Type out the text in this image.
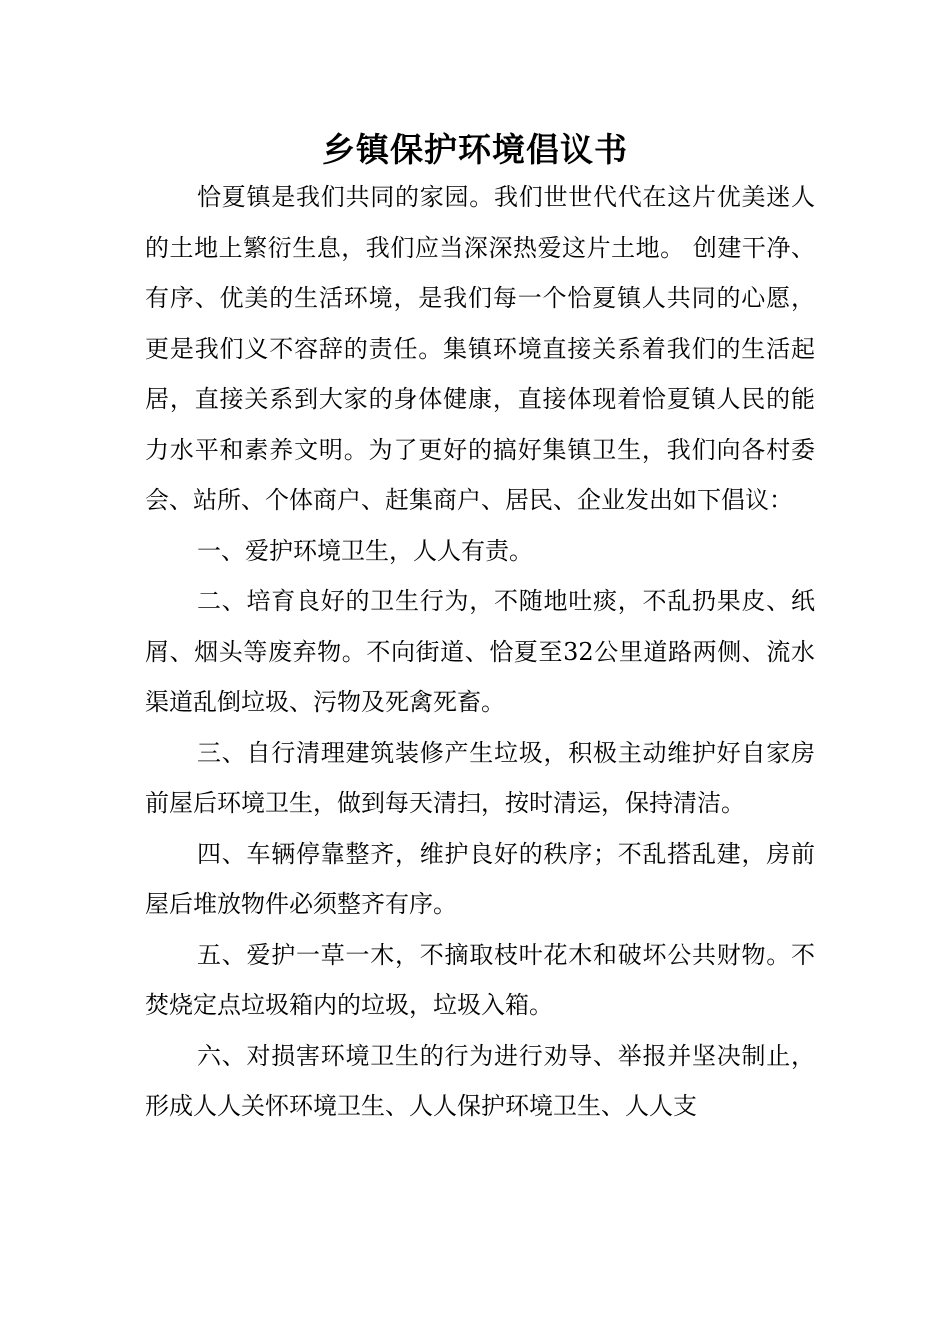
乡镇保护环境倡议书

恰夏镇是我们共同的家园。我们世世代代在这片优美迷人的土地上繁衍生息，我们应当深深热爱这片土地。 创建干净、有序、优美的生活环境，是我们每一个恰夏镇人共同的心愿，更是我们义不容辞的责任。集镇环境直接关系着我们的生活起居，直接关系到大家的身体健康，直接体现着恰夏镇人民的能力水平和素养文明。为了更好的搞好集镇卫生，我们向各村委会、站所、个体商户、赶集商户、居民、企业发出如下倡议：

一、爱护环境卫生，人人有责。

二、培育良好的卫生行为，不随地吐痰，不乱扔果皮、纸屑、烟头等废弃物。不向街道、恰夏至32公里道路两侧、流水渠道乱倒垃圾、污物及死禽死畜。

三、自行清理建筑装修产生垃圾，积极主动维护好自家房前屋后环境卫生，做到每天清扫，按时清运，保持清洁。

四、车辆停靠整齐，维护良好的秩序；不乱搭乱建，房前屋后堆放物件必须整齐有序。

五、爱护一草一木，不摘取枝叶花木和破坏公共财物。不焚烧定点垃圾箱内的垃圾，垃圾入箱。

六、对损害环境卫生的行为进行劝导、举报并坚决制止，形成人人关怀环境卫生、人人保护环境卫生、人人支
